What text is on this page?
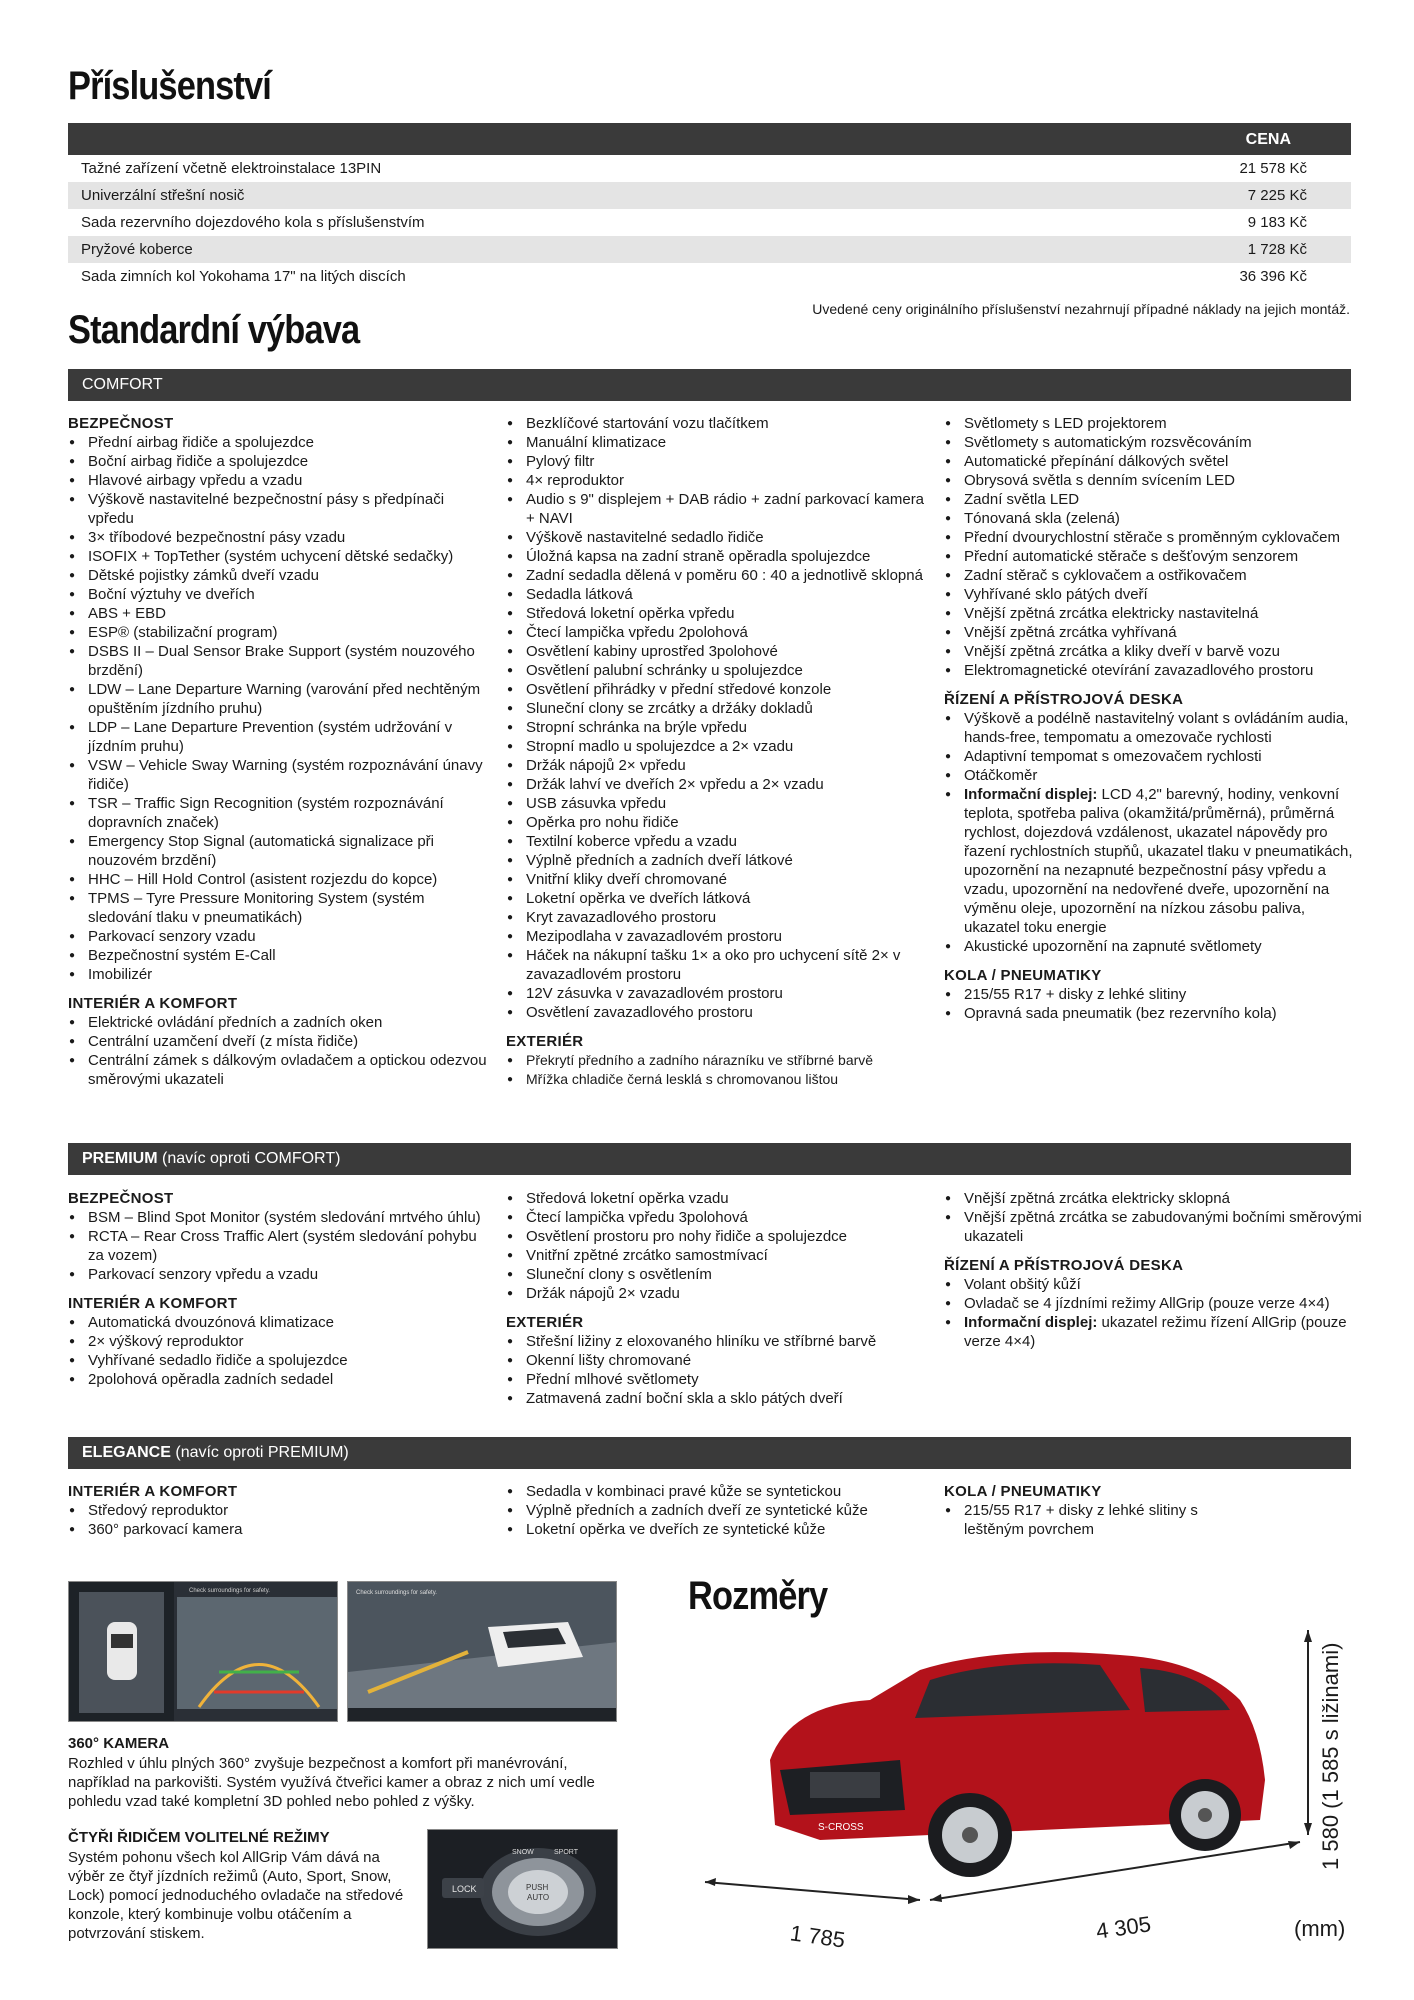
Příslušenství
CENA
Tažné zařízení včetně elektroinstalace 13PIN	21 578 Kč
Univerzální střešní nosič	7 225 Kč
Sada rezervního dojezdového kola s příslušenstvím	9 183 Kč
Pryžové koberce	1 728 Kč
Sada zimních kol Yokohama 17" na litých discích	36 396 Kč
Uvedené ceny originálního příslušenství nezahrnují případné náklady na jejich montáž.
Standardní výbava
COMFORT
BEZPEČNOST
● Přední airbag řidiče a spolujezdce
● Boční airbag řidiče a spolujezdce
● Hlavové airbagy vpředu a vzadu
● Výškově nastavitelné bezpečnostní pásy s předpínači vpředu
● 3× tříbodové bezpečnostní pásy vzadu
● ISOFIX + TopTether (systém uchycení dětské sedačky)
● Dětské pojistky zámků dveří vzadu
● Boční výztuhy ve dveřích
● ABS + EBD
● ESP® (stabilizační program)
● DSBS II – Dual Sensor Brake Support (systém nouzového brzdění)
● LDW – Lane Departure Warning (varování před nechtěným opuštěním jízdního pruhu)
● LDP – Lane Departure Prevention (systém udržování v jízdním pruhu)
● VSW – Vehicle Sway Warning (systém rozpoznávání únavy řidiče)
● TSR – Traffic Sign Recognition (systém rozpoznávání dopravních značek)
● Emergency Stop Signal (automatická signalizace při nouzovém brzdění)
● HHC – Hill Hold Control (asistent rozjezdu do kopce)
● TPMS – Tyre Pressure Monitoring System (systém sledování tlaku v pneumatikách)
● Parkovací senzory vzadu
● Bezpečnostní systém E-Call
● Imobilizér
INTERIÉR A KOMFORT
● Elektrické ovládání předních a zadních oken
● Centrální uzamčení dveří (z místa řidiče)
● Centrální zámek s dálkovým ovladačem a optickou odezvou směrovými ukazateli
● Bezklíčové startování vozu tlačítkem
● Manuální klimatizace
● Pylový filtr
● 4× reproduktor
● Audio s 9" displejem + DAB rádio + zadní parkovací kamera + NAVI
● Výškově nastavitelné sedadlo řidiče
● Úložná kapsa na zadní straně opěradla spolujezdce
● Zadní sedadla dělená v poměru 60 : 40 a jednotlivě sklopná
● Sedadla látková
● Středová loketní opěrka vpředu
● Čtecí lampička vpředu 2polohová
● Osvětlení kabiny uprostřed 3polohové
● Osvětlení palubní schránky u spolujezdce
● Osvětlení přihrádky v přední středové konzole
● Sluneční clony se zrcátky a držáky dokladů
● Stropní schránka na brýle vpředu
● Stropní madlo u spolujezdce a 2× vzadu
● Držák nápojů 2× vpředu
● Držák lahví ve dveřích 2× vpředu a 2× vzadu
● USB zásuvka vpředu
● Opěrka pro nohu řidiče
● Textilní koberce vpředu a vzadu
● Výplně předních a zadních dveří látkové
● Vnitřní kliky dveří chromované
● Loketní opěrka ve dveřích látková
● Kryt zavazadlového prostoru
● Mezipodlaha v zavazadlovém prostoru
● Háček na nákupní tašku 1× a oko pro uchycení sítě 2× v zavazadlovém prostoru
● 12V zásuvka v zavazadlovém prostoru
● Osvětlení zavazadlového prostoru
EXTERIÉR
● Překrytí předního a zadního nárazníku ve stříbrné barvě
● Mřížka chladiče černá lesklá s chromovanou lištou
● Světlomety s LED projektorem
● Světlomety s automatickým rozsvěcováním
● Automatické přepínání dálkových světel
● Obrysová světla s denním svícením LED
● Zadní světla LED
● Tónovaná skla (zelená)
● Přední dvourychlostní stěrače s proměnným cyklovačem
● Přední automatické stěrače s dešťovým senzorem
● Zadní stěrač s cyklovačem a ostřikovačem
● Vyhřívané sklo pátých dveří
● Vnější zpětná zrcátka elektricky nastavitelná
● Vnější zpětná zrcátka vyhřívaná
● Vnější zpětná zrcátka a kliky dveří v barvě vozu
● Elektromagnetické otevírání zavazadlového prostoru
ŘÍZENÍ A PŘÍSTROJOVÁ DESKA
● Výškově a podélně nastavitelný volant s ovládáním audia, hands-free, tempomatu a omezovače rychlosti
● Adaptivní tempomat s omezovačem rychlosti
● Otáčkoměr
● Informační displej: LCD 4,2" barevný, hodiny, venkovní teplota, spotřeba paliva (okamžitá/průměrná), průměrná rychlost, dojezdová vzdálenost, ukazatel nápovědy pro řazení rychlostních stupňů, ukazatel tlaku v pneumatikách, upozornění na nezapnuté bezpečnostní pásy vpředu a vzadu, upozornění na nedovřené dveře, upozornění na výměnu oleje, upozornění na nízkou zásobu paliva, ukazatel toku energie
● Akustické upozornění na zapnuté světlomety
KOLA / PNEUMATIKY
● 215/55 R17 + disky z lehké slitiny
● Opravná sada pneumatik (bez rezervního kola)
PREMIUM (navíc oproti COMFORT)
BEZPEČNOST
● BSM – Blind Spot Monitor (systém sledování mrtvého úhlu)
● RCTA – Rear Cross Traffic Alert (systém sledování pohybu za vozem)
● Parkovací senzory vpředu a vzadu
INTERIÉR A KOMFORT
● Automatická dvouzónová klimatizace
● 2× výškový reproduktor
● Vyhřívané sedadlo řidiče a spolujezdce
● 2polohová opěradla zadních sedadel
● Středová loketní opěrka vzadu
● Čtecí lampička vpředu 3polohová
● Osvětlení prostoru pro nohy řidiče a spolujezdce
● Vnitřní zpětné zrcátko samostmívací
● Sluneční clony s osvětlením
● Držák nápojů 2× vzadu
EXTERIÉR
● Střešní ližiny z eloxovaného hliníku ve stříbrné barvě
● Okenní lišty chromované
● Přední mlhové světlomety
● Zatmavená zadní boční skla a sklo pátých dveří
● Vnější zpětná zrcátka elektricky sklopná
● Vnější zpětná zrcátka se zabudovanými bočními směrovými ukazateli
ŘÍZENÍ A PŘÍSTROJOVÁ DESKA
● Volant obšitý kůží
● Ovladač se 4 jízdními režimy AllGrip (pouze verze 4×4)
● Informační displej: ukazatel režimu řízení AllGrip (pouze verze 4×4)
ELEGANCE (navíc oproti PREMIUM)
INTERIÉR A KOMFORT
● Středový reproduktor
● 360° parkovací kamera
● Sedadla v kombinaci pravé kůže se syntetickou
● Výplně předních a zadních dveří ze syntetické kůže
● Loketní opěrka ve dveřích ze syntetické kůže
KOLA / PNEUMATIKY
● 215/55 R17 + disky z lehké slitiny s leštěným povrchem
Check surroundings for safety.	Check surroundings for safety.
360° KAMERA
Rozhled v úhlu plných 360° zvyšuje bezpečnost a komfort při manévrování, například na parkovišti. Systém využívá čtveřici kamer a obraz z nich umí vedle pohledu vzad také kompletní 3D pohled nebo pohled z výšky.
ČTYŘI ŘIDIČEM VOLITELNÉ REŽIMY
Systém pohonu všech kol AllGrip Vám dává na výběr ze čtyř jízdních režimů (Auto, Sport, Snow, Lock) pomocí jednoduchého ovladače na středové konzole, který kombinuje volbu otáčením a potvrzování stiskem.
LOCK	PUSH
AUTO
SPORT
SNOW
Rozměry
S-CROSS	1 580 (1 585 s ližinami)
1 785	4 305	(mm)
